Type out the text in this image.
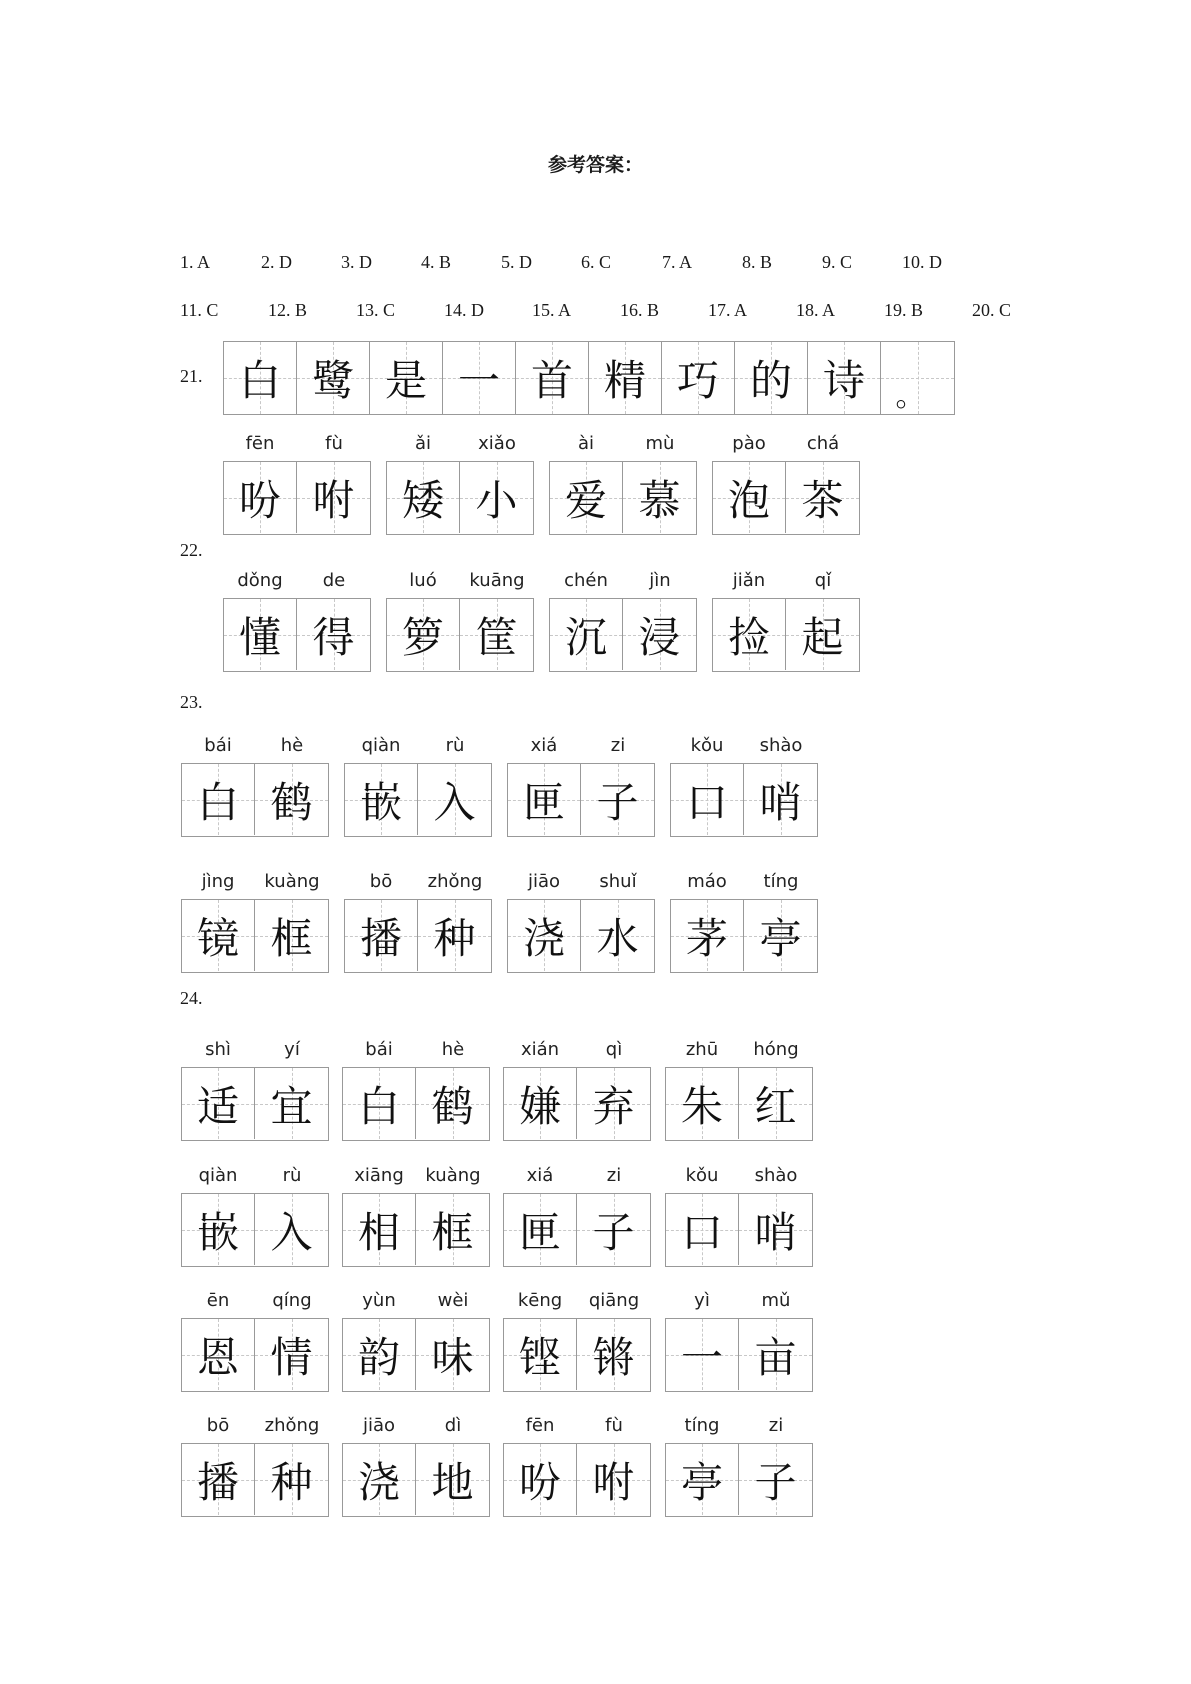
参考答案：
1. A	2. D	3. D	4. B	5. D	6. C	7. A	8. B	9. C	10. D
11. C	12. B	13. C	14. D	15. A	16. B	17. A	18. A	19. B	20. C
21. 白 鹭 是 一 首 精 巧 的 诗 。
22.
23.
24.
fēn	fù
吩 咐
ǎi	xiǎo
矮 小
ài	mù
爱 慕
pào	chá
泡 茶
dǒng	de
懂 得
luó	kuāng
箩 筐
chén	jìn
沉 浸
jiǎn	qǐ
捡 起
bái	hè
白 鹤
qiàn	rù
嵌 入
xiá	zi
匣 子
kǒu	shào
口 哨
jìng	kuàng
镜 框
bō	zhǒng
播 种
jiāo	shuǐ
浇 水
máo	tíng
茅 亭
shì	yí
适 宜
bái	hè
白 鹤
xián	qì
嫌 弃
zhū	hóng
朱 红
qiàn	rù
嵌 入
xiāng	kuàng
相 框
xiá	zi
匣 子
kǒu	shào
口 哨
ēn	qíng
恩 情
yùn	wèi
韵 味
kēng	qiāng
铿 锵
yì	mǔ
一 亩
bō	zhǒng
播 种
jiāo	dì
浇 地
fēn	fù
吩 咐
tíng	zi
亭 子
